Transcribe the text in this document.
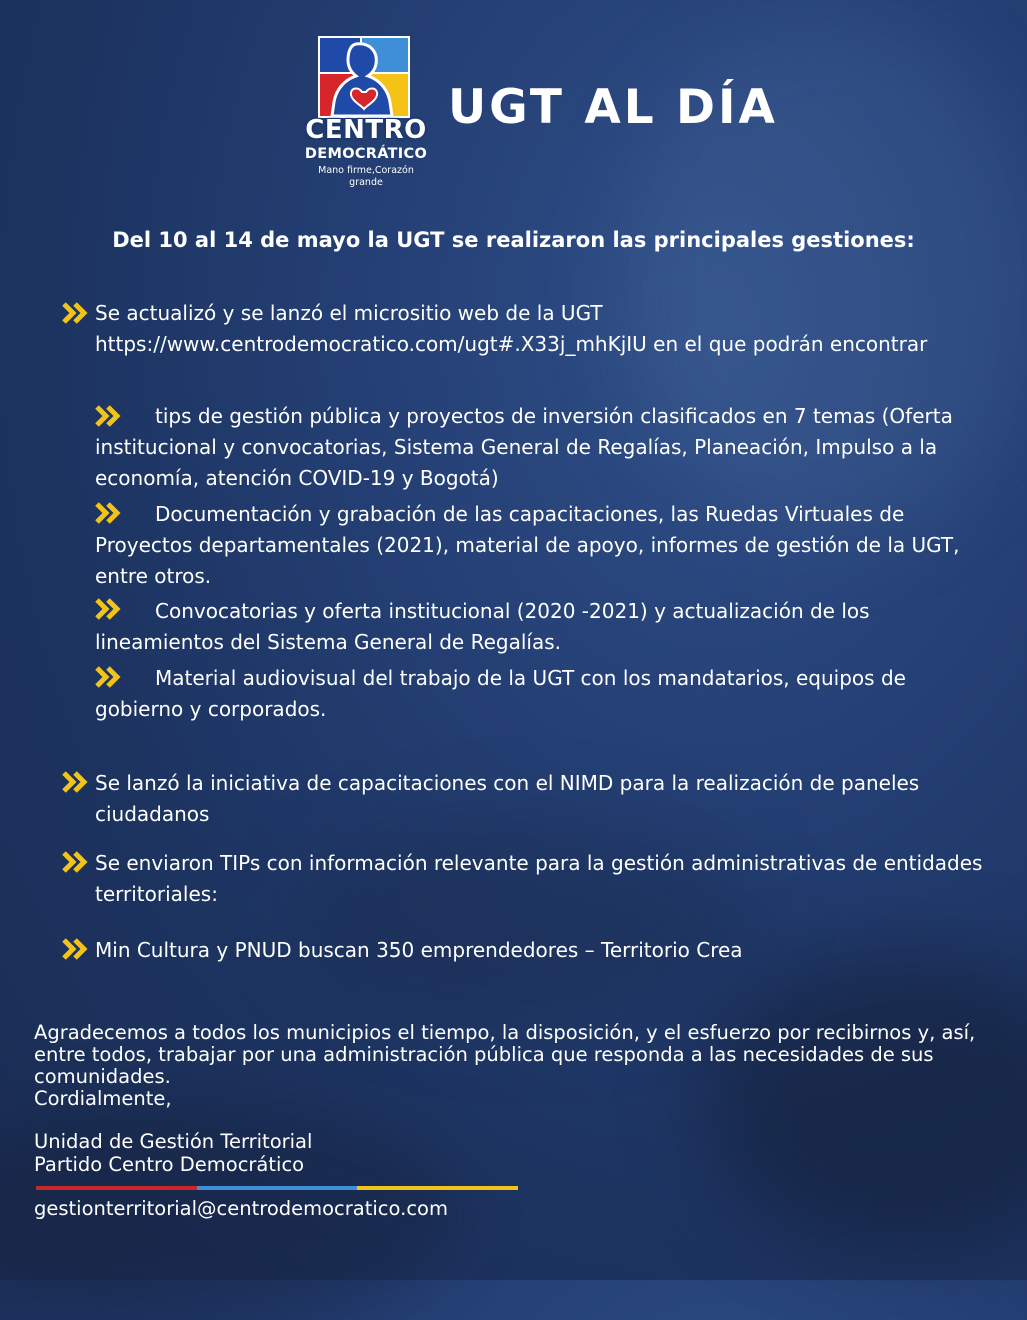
CENTRO
DEMOCRÁTICO
Mano firme,Corazón grande
UGT AL DÍA
Del 10 al 14 de mayo la UGT se realizaron las principales gestiones:
Se actualizó y se lanzó el micrositio web de la UGT https://www.centrodemocratico.com/ugt#.X33j_mhKjIU en el que podrán encontrar
tips de gestión pública y proyectos de inversión clasificados en 7 temas (Oferta institucional y convocatorias, Sistema General de Regalías, Planeación, Impulso a la economía, atención COVID-19 y Bogotá)
Documentación y grabación de las capacitaciones, las Ruedas Virtuales de Proyectos departamentales (2021), material de apoyo, informes de gestión de la UGT, entre otros.
Convocatorias y oferta institucional (2020 -2021) y actualización de los lineamientos del Sistema General de Regalías.
Material audiovisual del trabajo de la UGT con los mandatarios, equipos de gobierno y corporados.
Se lanzó la iniciativa de capacitaciones con el NIMD para la realización de paneles ciudadanos
Se enviaron TIPs con información relevante para la gestión administrativas de entidades territoriales:
Min Cultura y PNUD buscan 350 emprendedores – Territorio Crea
Agradecemos a todos los municipios el tiempo, la disposición, y el esfuerzo por recibirnos y, así, entre todos, trabajar por una administración pública que responda a las necesidades de sus comunidades.
Cordialmente,
Unidad de Gestión Territorial
Partido Centro Democrático
gestionterritorial@centrodemocratico.com
